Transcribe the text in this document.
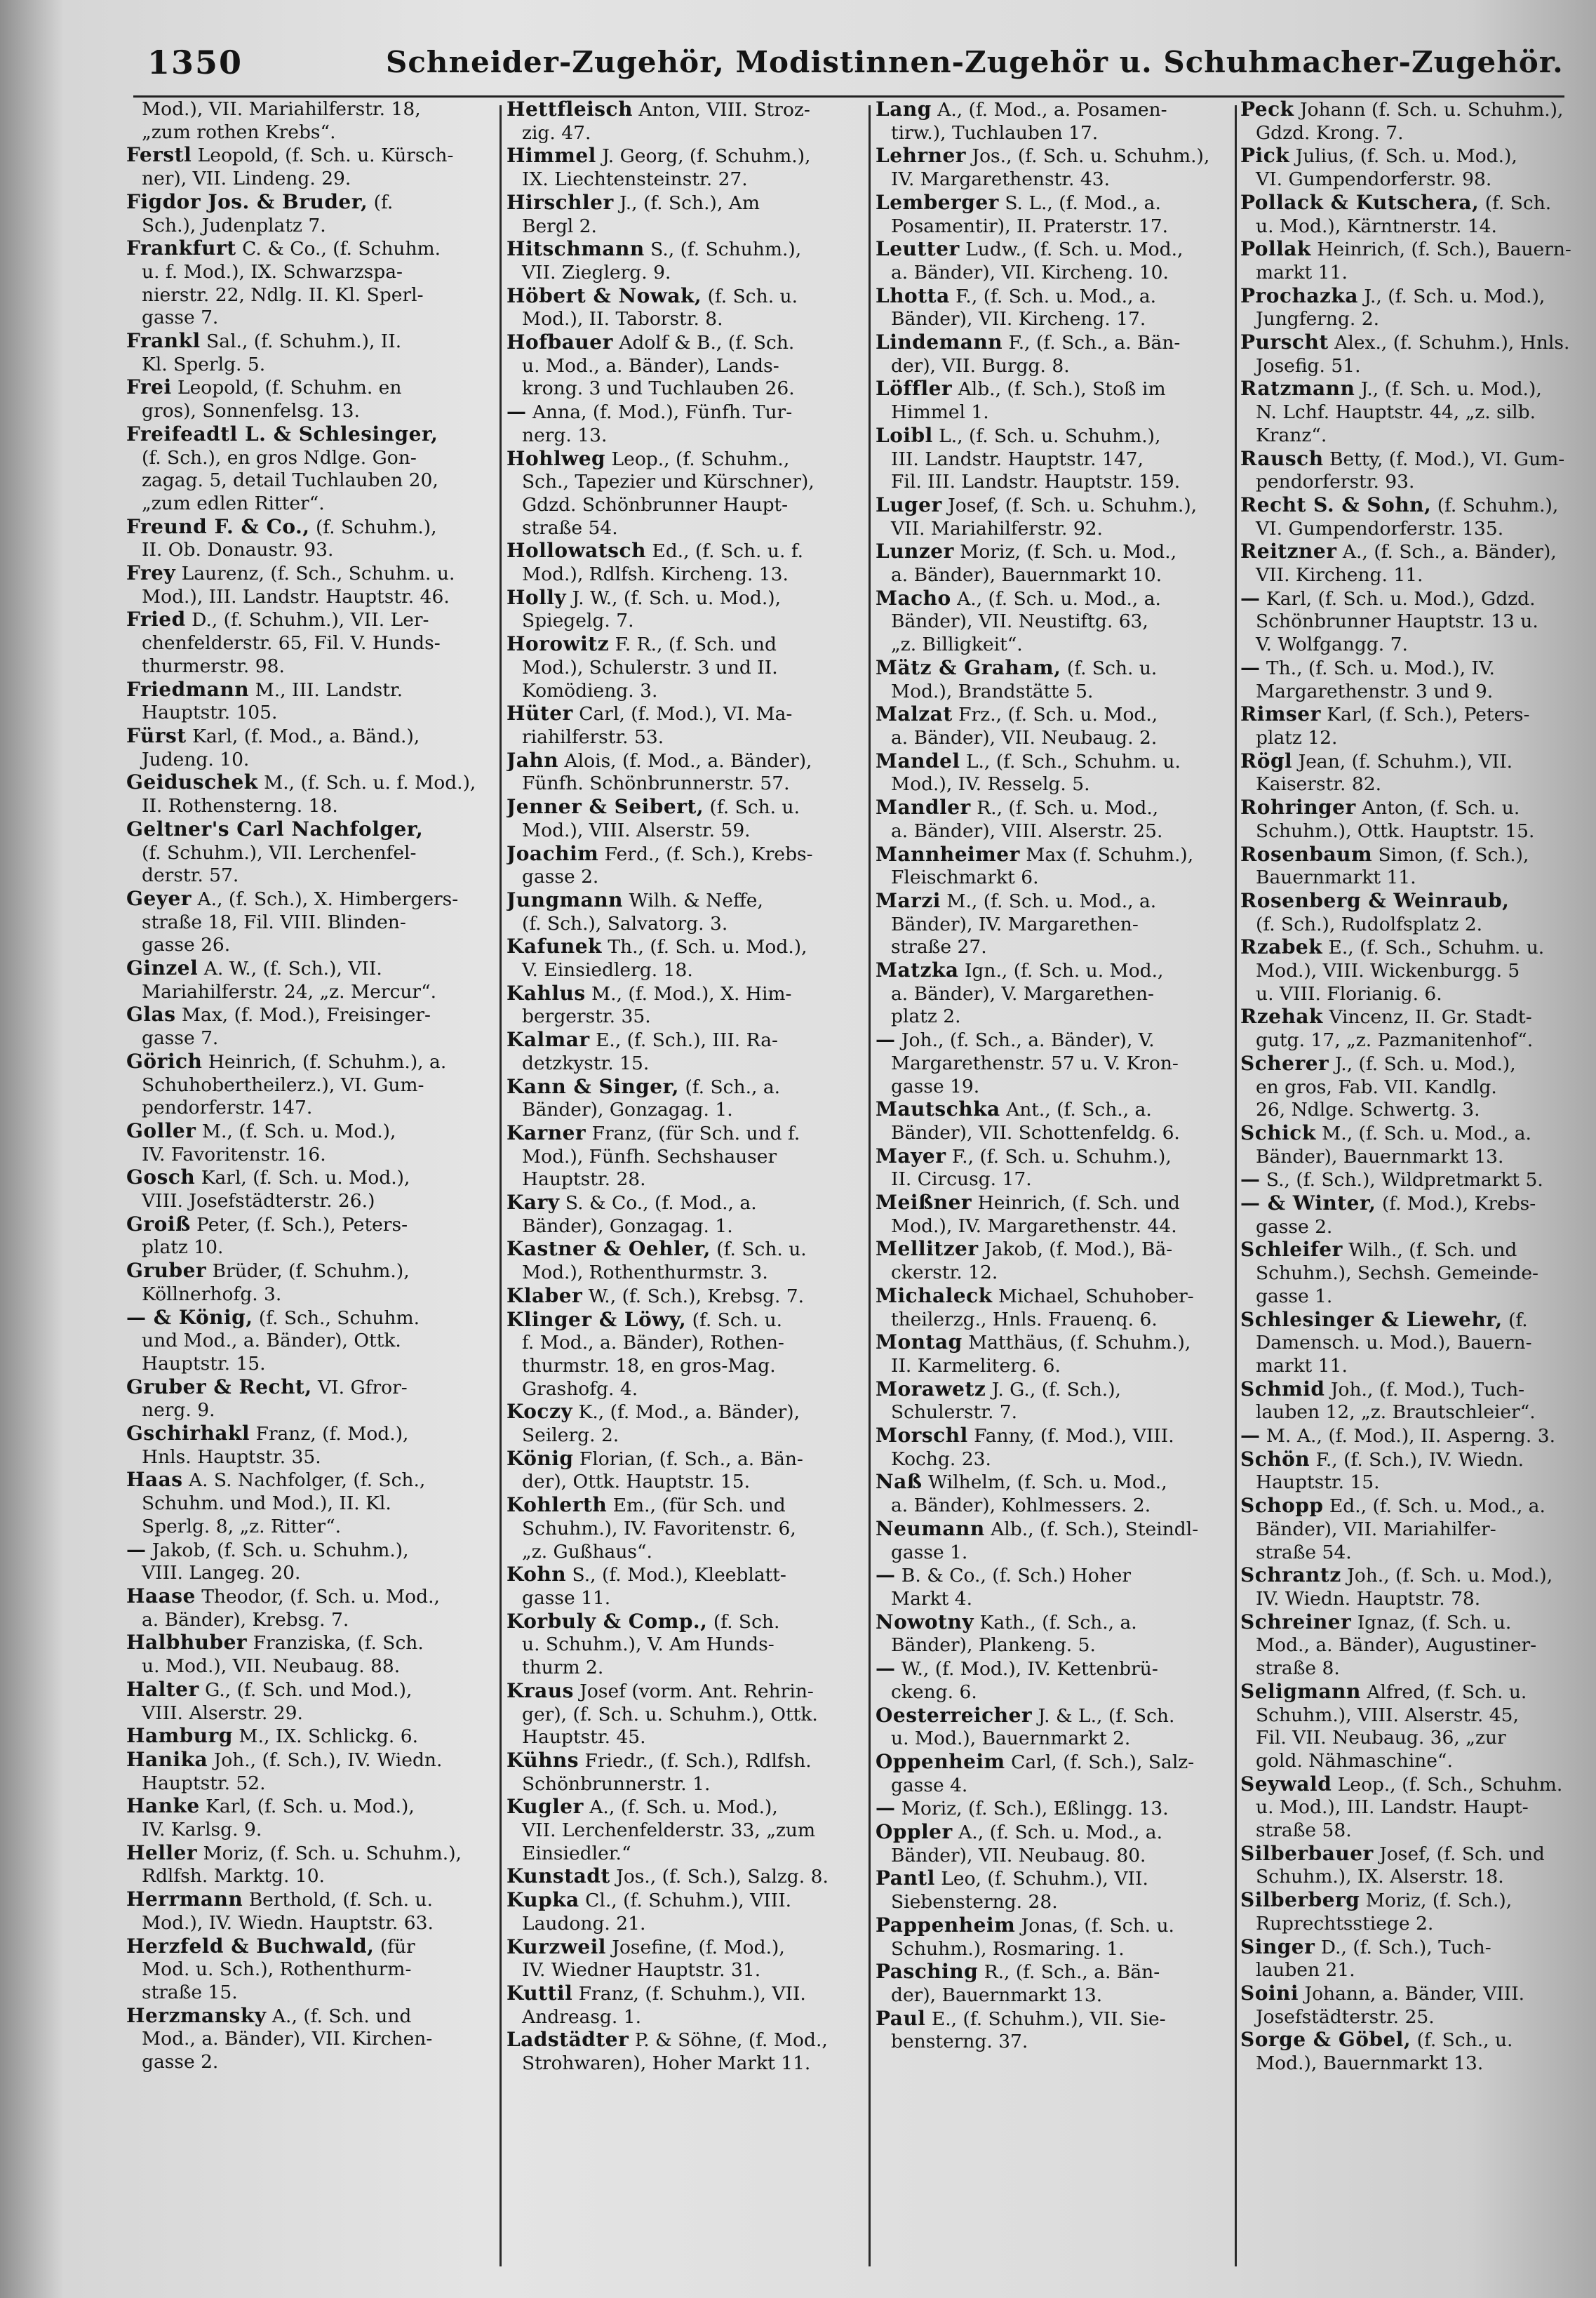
1350	Schneider-Zugehör, Modistinnen-Zugehör u. Schuhmacher-Zugehör.
Mod.), VII. Mariahilferstr. 18,
„zum rothen Krebs“.
Ferstl Leopold, (f. Sch. u. Kürsch-
ner), VII. Lindeng. 29.
Figdor Jos. & Bruder, (f.
Sch.), Judenplatz 7.
Frankfurt C. & Co., (f. Schuhm.
u. f. Mod.), IX. Schwarzspa-
nierstr. 22, Ndlg. II. Kl. Sperl-
gasse 7.
Frankl Sal., (f. Schuhm.), II.
Kl. Sperlg. 5.
Frei Leopold, (f. Schuhm. en
gros), Sonnenfelsg. 13.
Freifeadtl L. & Schlesinger,
(f. Sch.), en gros Ndlge. Gon-
zagag. 5, detail Tuchlauben 20,
„zum edlen Ritter“.
Freund F. & Co., (f. Schuhm.),
II. Ob. Donaustr. 93.
Frey Laurenz, (f. Sch., Schuhm. u.
Mod.), III. Landstr. Hauptstr. 46.
Fried D., (f. Schuhm.), VII. Ler-
chenfelderstr. 65, Fil. V. Hunds-
thurmerstr. 98.
Friedmann M., III. Landstr.
Hauptstr. 105.
Fürst Karl, (f. Mod., a. Bänd.),
Judeng. 10.
Geiduschek M., (f. Sch. u. f. Mod.),
II. Rothensterng. 18.
Geltner's Carl Nachfolger,
(f. Schuhm.), VII. Lerchenfel-
derstr. 57.
Geyer A., (f. Sch.), X. Himbergers-
straße 18, Fil. VIII. Blinden-
gasse 26.
Ginzel A. W., (f. Sch.), VII.
Mariahilferstr. 24, „z. Mercur“.
Glas Max, (f. Mod.), Freisinger-
gasse 7.
Görich Heinrich, (f. Schuhm.), a.
Schuhobertheilerz.), VI. Gum-
pendorferstr. 147.
Goller M., (f. Sch. u. Mod.),
IV. Favoritenstr. 16.
Gosch Karl, (f. Sch. u. Mod.),
VIII. Josefstädterstr. 26.)
Groiß Peter, (f. Sch.), Peters-
platz 10.
Gruber Brüder, (f. Schuhm.),
Köllnerhofg. 3.
— & König, (f. Sch., Schuhm.
und Mod., a. Bänder), Ottk.
Hauptstr. 15.
Gruber & Recht, VI. Gfror-
nerg. 9.
Gschirhakl Franz, (f. Mod.),
Hnls. Hauptstr. 35.
Haas A. S. Nachfolger, (f. Sch.,
Schuhm. und Mod.), II. Kl.
Sperlg. 8, „z. Ritter“.
— Jakob, (f. Sch. u. Schuhm.),
VIII. Langeg. 20.
Haase Theodor, (f. Sch. u. Mod.,
a. Bänder), Krebsg. 7.
Halbhuber Franziska, (f. Sch.
u. Mod.), VII. Neubaug. 88.
Halter G., (f. Sch. und Mod.),
VIII. Alserstr. 29.
Hamburg M., IX. Schlickg. 6.
Hanika Joh., (f. Sch.), IV. Wiedn.
Hauptstr. 52.
Hanke Karl, (f. Sch. u. Mod.),
IV. Karlsg. 9.
Heller Moriz, (f. Sch. u. Schuhm.),
Rdlfsh. Marktg. 10.
Herrmann Berthold, (f. Sch. u.
Mod.), IV. Wiedn. Hauptstr. 63.
Herzfeld & Buchwald, (für
Mod. u. Sch.), Rothenthurm-
straße 15.
Herzmansky A., (f. Sch. und
Mod., a. Bänder), VII. Kirchen-
gasse 2.
Hettfleisch Anton, VIII. Stroz-
zig. 47.
Himmel J. Georg, (f. Schuhm.),
IX. Liechtensteinstr. 27.
Hirschler J., (f. Sch.), Am
Bergl 2.
Hitschmann S., (f. Schuhm.),
VII. Zieglerg. 9.
Höbert & Nowak, (f. Sch. u.
Mod.), II. Taborstr. 8.
Hofbauer Adolf & B., (f. Sch.
u. Mod., a. Bänder), Lands-
krong. 3 und Tuchlauben 26.
— Anna, (f. Mod.), Fünfh. Tur-
nerg. 13.
Hohlweg Leop., (f. Schuhm.,
Sch., Tapezier und Kürschner),
Gdzd. Schönbrunner Haupt-
straße 54.
Hollowatsch Ed., (f. Sch. u. f.
Mod.), Rdlfsh. Kircheng. 13.
Holly J. W., (f. Sch. u. Mod.),
Spiegelg. 7.
Horowitz F. R., (f. Sch. und
Mod.), Schulerstr. 3 und II.
Komödieng. 3.
Hüter Carl, (f. Mod.), VI. Ma-
riahilferstr. 53.
Jahn Alois, (f. Mod., a. Bänder),
Fünfh. Schönbrunnerstr. 57.
Jenner & Seibert, (f. Sch. u.
Mod.), VIII. Alserstr. 59.
Joachim Ferd., (f. Sch.), Krebs-
gasse 2.
Jungmann Wilh. & Neffe,
(f. Sch.), Salvatorg. 3.
Kafunek Th., (f. Sch. u. Mod.),
V. Einsiedlerg. 18.
Kahlus M., (f. Mod.), X. Him-
bergerstr. 35.
Kalmar E., (f. Sch.), III. Ra-
detzkystr. 15.
Kann & Singer, (f. Sch., a.
Bänder), Gonzagag. 1.
Karner Franz, (für Sch. und f.
Mod.), Fünfh. Sechshauser
Hauptstr. 28.
Kary S. & Co., (f. Mod., a.
Bänder), Gonzagag. 1.
Kastner & Oehler, (f. Sch. u.
Mod.), Rothenthurmstr. 3.
Klaber W., (f. Sch.), Krebsg. 7.
Klinger & Löwy, (f. Sch. u.
f. Mod., a. Bänder), Rothen-
thurmstr. 18, en gros-Mag.
Grashofg. 4.
Koczy K., (f. Mod., a. Bänder),
Seilerg. 2.
König Florian, (f. Sch., a. Bän-
der), Ottk. Hauptstr. 15.
Kohlerth Em., (für Sch. und
Schuhm.), IV. Favoritenstr. 6,
„z. Gußhaus“.
Kohn S., (f. Mod.), Kleeblatt-
gasse 11.
Korbuly & Comp., (f. Sch.
u. Schuhm.), V. Am Hunds-
thurm 2.
Kraus Josef (vorm. Ant. Rehrin-
ger), (f. Sch. u. Schuhm.), Ottk.
Hauptstr. 45.
Kühns Friedr., (f. Sch.), Rdlfsh.
Schönbrunnerstr. 1.
Kugler A., (f. Sch. u. Mod.),
VII. Lerchenfelderstr. 33, „zum
Einsiedler.“
Kunstadt Jos., (f. Sch.), Salzg. 8.
Kupka Cl., (f. Schuhm.), VIII.
Laudong. 21.
Kurzweil Josefine, (f. Mod.),
IV. Wiedner Hauptstr. 31.
Kuttil Franz, (f. Schuhm.), VII.
Andreasg. 1.
Ladstädter P. & Söhne, (f. Mod.,
Strohwaren), Hoher Markt 11.
Lang A., (f. Mod., a. Posamen-
tirw.), Tuchlauben 17.
Lehrner Jos., (f. Sch. u. Schuhm.),
IV. Margarethenstr. 43.
Lemberger S. L., (f. Mod., a.
Posamentir), II. Praterstr. 17.
Leutter Ludw., (f. Sch. u. Mod.,
a. Bänder), VII. Kircheng. 10.
Lhotta F., (f. Sch. u. Mod., a.
Bänder), VII. Kircheng. 17.
Lindemann F., (f. Sch., a. Bän-
der), VII. Burgg. 8.
Löffler Alb., (f. Sch.), Stoß im
Himmel 1.
Loibl L., (f. Sch. u. Schuhm.),
III. Landstr. Hauptstr. 147,
Fil. III. Landstr. Hauptstr. 159.
Luger Josef, (f. Sch. u. Schuhm.),
VII. Mariahilferstr. 92.
Lunzer Moriz, (f. Sch. u. Mod.,
a. Bänder), Bauernmarkt 10.
Macho A., (f. Sch. u. Mod., a.
Bänder), VII. Neustiftg. 63,
„z. Billigkeit“.
Mätz & Graham, (f. Sch. u.
Mod.), Brandstätte 5.
Malzat Frz., (f. Sch. u. Mod.,
a. Bänder), VII. Neubaug. 2.
Mandel L., (f. Sch., Schuhm. u.
Mod.), IV. Resselg. 5.
Mandler R., (f. Sch. u. Mod.,
a. Bänder), VIII. Alserstr. 25.
Mannheimer Max (f. Schuhm.),
Fleischmarkt 6.
Marzi M., (f. Sch. u. Mod., a.
Bänder), IV. Margarethen-
straße 27.
Matzka Ign., (f. Sch. u. Mod.,
a. Bänder), V. Margarethen-
platz 2.
— Joh., (f. Sch., a. Bänder), V.
Margarethenstr. 57 u. V. Kron-
gasse 19.
Mautschka Ant., (f. Sch., a.
Bänder), VII. Schottenfeldg. 6.
Mayer F., (f. Sch. u. Schuhm.),
II. Circusg. 17.
Meißner Heinrich, (f. Sch. und
Mod.), IV. Margarethenstr. 44.
Mellitzer Jakob, (f. Mod.), Bä-
ckerstr. 12.
Michaleck Michael, Schuhober-
theilerzg., Hnls. Frauenq. 6.
Montag Matthäus, (f. Schuhm.),
II. Karmeliterg. 6.
Morawetz J. G., (f. Sch.),
Schulerstr. 7.
Morschl Fanny, (f. Mod.), VIII.
Kochg. 23.
Naß Wilhelm, (f. Sch. u. Mod.,
a. Bänder), Kohlmessers. 2.
Neumann Alb., (f. Sch.), Steindl-
gasse 1.
— B. & Co., (f. Sch.) Hoher
Markt 4.
Nowotny Kath., (f. Sch., a.
Bänder), Plankeng. 5.
— W., (f. Mod.), IV. Kettenbrü-
ckeng. 6.
Oesterreicher J. & L., (f. Sch.
u. Mod.), Bauernmarkt 2.
Oppenheim Carl, (f. Sch.), Salz-
gasse 4.
— Moriz, (f. Sch.), Eßlingg. 13.
Oppler A., (f. Sch. u. Mod., a.
Bänder), VII. Neubaug. 80.
Pantl Leo, (f. Schuhm.), VII.
Siebensterng. 28.
Pappenheim Jonas, (f. Sch. u.
Schuhm.), Rosmaring. 1.
Pasching R., (f. Sch., a. Bän-
der), Bauernmarkt 13.
Paul E., (f. Schuhm.), VII. Sie-
bensterng. 37.
Peck Johann (f. Sch. u. Schuhm.),
Gdzd. Krong. 7.
Pick Julius, (f. Sch. u. Mod.),
VI. Gumpendorferstr. 98.
Pollack & Kutschera, (f. Sch.
u. Mod.), Kärntnerstr. 14.
Pollak Heinrich, (f. Sch.), Bauern-
markt 11.
Prochazka J., (f. Sch. u. Mod.),
Jungferng. 2.
Purscht Alex., (f. Schuhm.), Hnls.
Josefig. 51.
Ratzmann J., (f. Sch. u. Mod.),
N. Lchf. Hauptstr. 44, „z. silb.
Kranz“.
Rausch Betty, (f. Mod.), VI. Gum-
pendorferstr. 93.
Recht S. & Sohn, (f. Schuhm.),
VI. Gumpendorferstr. 135.
Reitzner A., (f. Sch., a. Bänder),
VII. Kircheng. 11.
— Karl, (f. Sch. u. Mod.), Gdzd.
Schönbrunner Hauptstr. 13 u.
V. Wolfgangg. 7.
— Th., (f. Sch. u. Mod.), IV.
Margarethenstr. 3 und 9.
Rimser Karl, (f. Sch.), Peters-
platz 12.
Rögl Jean, (f. Schuhm.), VII.
Kaiserstr. 82.
Rohringer Anton, (f. Sch. u.
Schuhm.), Ottk. Hauptstr. 15.
Rosenbaum Simon, (f. Sch.),
Bauernmarkt 11.
Rosenberg & Weinraub,
(f. Sch.), Rudolfsplatz 2.
Rzabek E., (f. Sch., Schuhm. u.
Mod.), VIII. Wickenburgg. 5
u. VIII. Florianig. 6.
Rzehak Vincenz, II. Gr. Stadt-
gutg. 17, „z. Pazmanitenhof“.
Scherer J., (f. Sch. u. Mod.),
en gros, Fab. VII. Kandlg.
26, Ndlge. Schwertg. 3.
Schick M., (f. Sch. u. Mod., a.
Bänder), Bauernmarkt 13.
— S., (f. Sch.), Wildpretmarkt 5.
— & Winter, (f. Mod.), Krebs-
gasse 2.
Schleifer Wilh., (f. Sch. und
Schuhm.), Sechsh. Gemeinde-
gasse 1.
Schlesinger & Liewehr, (f.
Damensch. u. Mod.), Bauern-
markt 11.
Schmid Joh., (f. Mod.), Tuch-
lauben 12, „z. Brautschleier“.
— M. A., (f. Mod.), II. Asperng. 3.
Schön F., (f. Sch.), IV. Wiedn.
Hauptstr. 15.
Schopp Ed., (f. Sch. u. Mod., a.
Bänder), VII. Mariahilfer-
straße 54.
Schrantz Joh., (f. Sch. u. Mod.),
IV. Wiedn. Hauptstr. 78.
Schreiner Ignaz, (f. Sch. u.
Mod., a. Bänder), Augustiner-
straße 8.
Seligmann Alfred, (f. Sch. u.
Schuhm.), VIII. Alserstr. 45,
Fil. VII. Neubaug. 36, „zur
gold. Nähmaschine“.
Seywald Leop., (f. Sch., Schuhm.
u. Mod.), III. Landstr. Haupt-
straße 58.
Silberbauer Josef, (f. Sch. und
Schuhm.), IX. Alserstr. 18.
Silberberg Moriz, (f. Sch.),
Ruprechtsstiege 2.
Singer D., (f. Sch.), Tuch-
lauben 21.
Soini Johann, a. Bänder, VIII.
Josefstädterstr. 25.
Sorge & Göbel, (f. Sch., u.
Mod.), Bauernmarkt 13.
